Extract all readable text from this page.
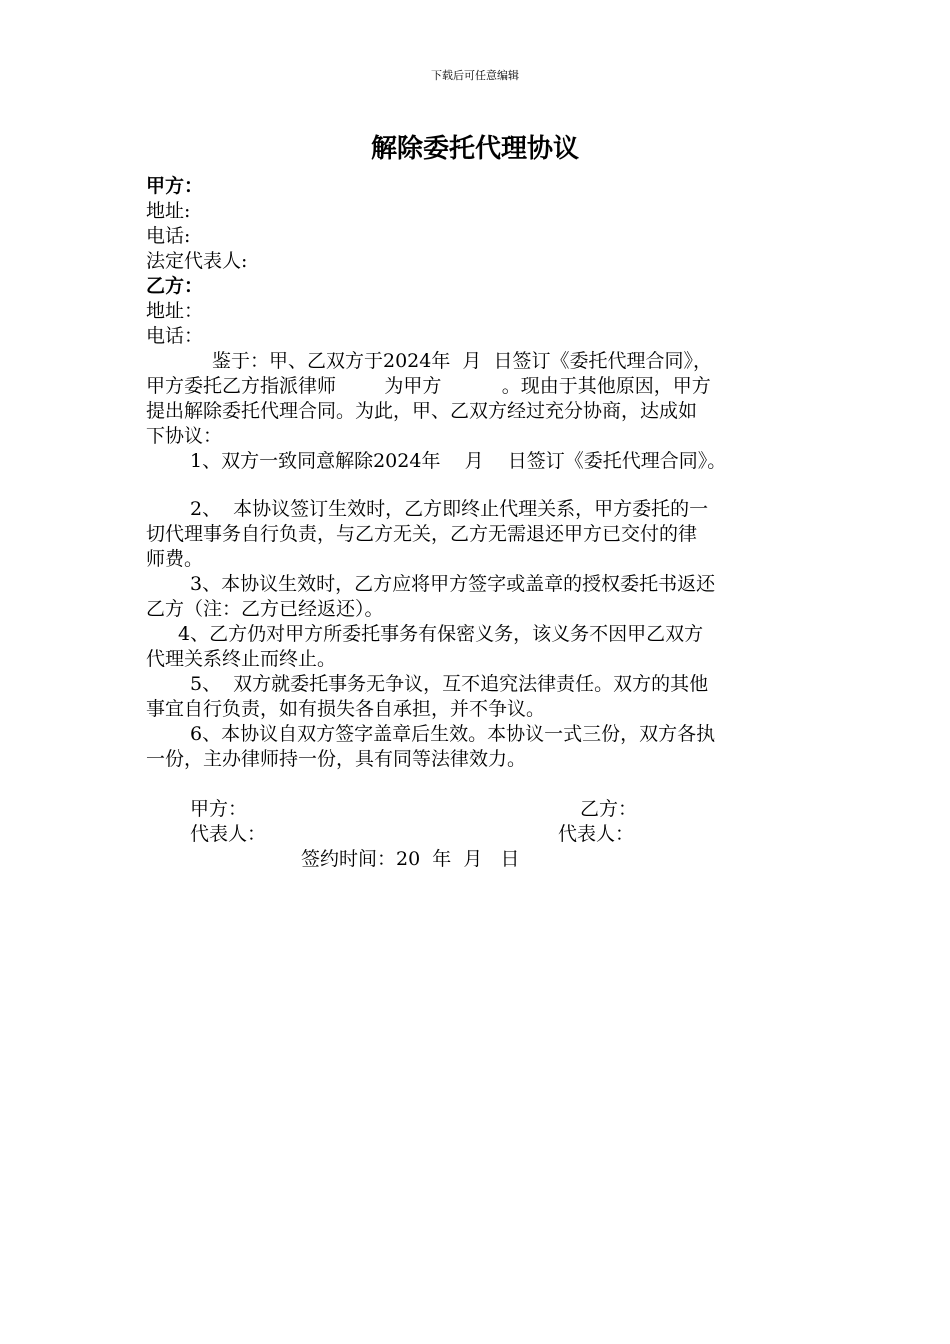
下载后可任意编辑
解除委托代理协议
甲方：
地址:
电话:
法定代表人:
乙方：
地址：
电话：
鉴于：甲、乙双方于2024年  月  日签订《委托代理合同》，
甲方委托乙方指派律师        为甲方          。现由于其他原因，甲方
提出解除委托代理合同。为此，甲、乙双方经过充分协商，达成如
下协议：
1、双方一致同意解除2024年    月    日签订《委托代理合同》。
2、  本协议签订生效时，乙方即终止代理关系，甲方委托的一
切代理事务自行负责，与乙方无关，乙方无需退还甲方已交付的律
师费。
3、本协议生效时，乙方应将甲方签字或盖章的授权委托书返还
乙方（注：乙方已经返还）。
4、乙方仍对甲方所委托事务有保密义务，该义务不因甲乙双方
代理关系终止而终止。
5、  双方就委托事务无争议，互不追究法律责任。双方的其他
事宜自行负责，如有损失各自承担，并不争议。
6、本协议自双方签字盖章后生效。本协议一式三份，双方各执
一份，主办律师持一份，具有同等法律效力。
甲方：	乙方：
代表人：	代表人：
签约时间：20  年  月   日
